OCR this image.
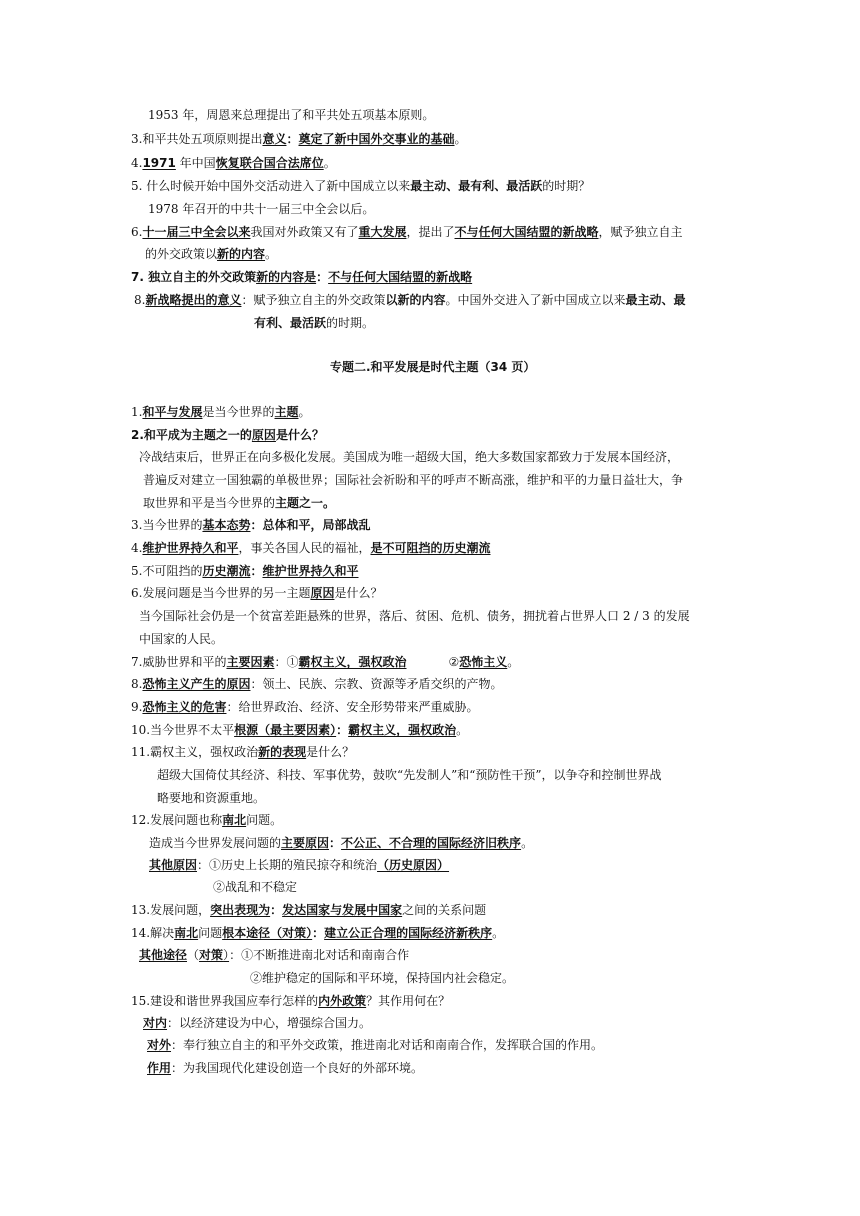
1953 年，周恩来总理提出了和平共处五项基本原则。
3.和平共处五项原则提出意义：奠定了新中国外交事业的基础。
4.1971 年中国恢复联合国合法席位。
5. 什么时候开始中国外交活动进入了新中国成立以来最主动、最有利、最活跃的时期？
1978 年召开的中共十一届三中全会以后。
6.十一届三中全会以来我国对外政策又有了重大发展，提出了不与任何大国结盟的新战略，赋予独立自主
的外交政策以新的内容。
7. 独立自主的外交政策新的内容是：不与任何大国结盟的新战略
8.新战略提出的意义：赋予独立自主的外交政策以新的内容。中国外交进入了新中国成立以来最主动、最
有利、最活跃的时期。
专题二.和平发展是时代主题（34 页）
1.和平与发展是当今世界的主题。
2.和平成为主题之一的原因是什么？
冷战结束后，世界正在向多极化发展。美国成为唯一超级大国，绝大多数国家都致力于发展本国经济，
普遍反对建立一国独霸的单极世界；国际社会祈盼和平的呼声不断高涨，维护和平的力量日益壮大，争
取世界和平是当今世界的主题之一。
3.当今世界的基本态势：总体和平，局部战乱
4.维护世界持久和平，事关各国人民的福祉，是不可阻挡的历史潮流
5.不可阻挡的历史潮流：维护世界持久和平
6.发展问题是当今世界的另一主题原因是什么？
当今国际社会仍是一个贫富差距悬殊的世界，落后、贫困、危机、债务，拥扰着占世界人口 2 / 3 的发展
中国家的人民。
7.威胁世界和平的主要因素：①霸权主义，强权政治	②恐怖主义。
8.恐怖主义产生的原因：领土、民族、宗教、资源等矛盾交织的产物。
9.恐怖主义的危害：给世界政治、经济、安全形势带来严重威胁。
10.当今世界不太平根源（最主要因素）：霸权主义，强权政治。
11.霸权主义，强权政治新的表现是什么？
超级大国倚仗其经济、科技、军事优势，鼓吹“先发制人”和“预防性干预”，以争夺和控制世界战
略要地和资源重地。
12.发展问题也称南北问题。
造成当今世界发展问题的主要原因：不公正、不合理的国际经济旧秩序。
其他原因：①历史上长期的殖民掠夺和统治（历史原因）
②战乱和不稳定
13.发展问题，突出表现为：发达国家与发展中国家之间的关系问题
14.解决南北问题根本途径（对策）：建立公正合理的国际经济新秩序。
其他途径（对策）：①不断推进南北对话和南南合作
②维护稳定的国际和平环境，保持国内社会稳定。
15.建设和谐世界我国应奉行怎样的内外政策？其作用何在？
对内：以经济建设为中心，增强综合国力。
对外：奉行独立自主的和平外交政策，推进南北对话和南南合作，发挥联合国的作用。
作用：为我国现代化建设创造一个良好的外部环境。
